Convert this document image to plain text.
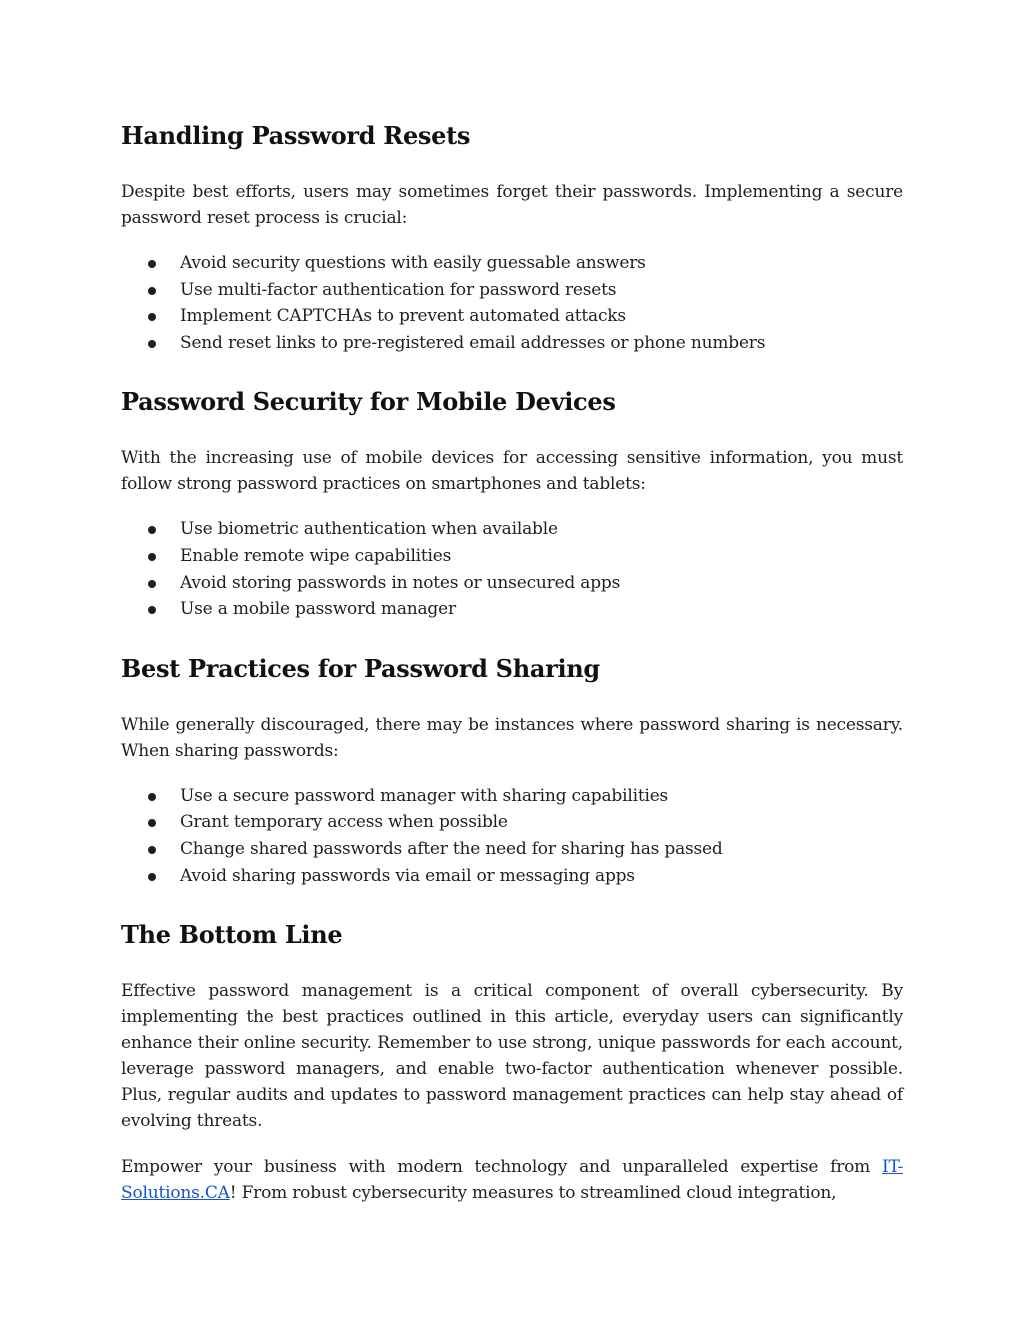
Handling Password Resets

Despite best efforts, users may sometimes forget their passwords. Implementing a secure password reset process is crucial:

Avoid security questions with easily guessable answers
Use multi-factor authentication for password resets
Implement CAPTCHAs to prevent automated attacks
Send reset links to pre-registered email addresses or phone numbers
Password Security for Mobile Devices

With the increasing use of mobile devices for accessing sensitive information, you must follow strong password practices on smartphones and tablets:

Use biometric authentication when available
Enable remote wipe capabilities
Avoid storing passwords in notes or unsecured apps
Use a mobile password manager
Best Practices for Password Sharing

While generally discouraged, there may be instances where password sharing is necessary. When sharing passwords:

Use a secure password manager with sharing capabilities
Grant temporary access when possible
Change shared passwords after the need for sharing has passed
Avoid sharing passwords via email or messaging apps
The Bottom Line

Effective password management is a critical component of overall cybersecurity. By implementing the best practices outlined in this article, everyday users can significantly enhance their online security. Remember to use strong, unique passwords for each account, leverage password managers, and enable two-factor authentication whenever possible. Plus, regular audits and updates to password management practices can help stay ahead of evolving threats.

Empower your business with modern technology and unparalleled expertise from IT-Solutions.CA! From robust cybersecurity measures to streamlined cloud integration,
